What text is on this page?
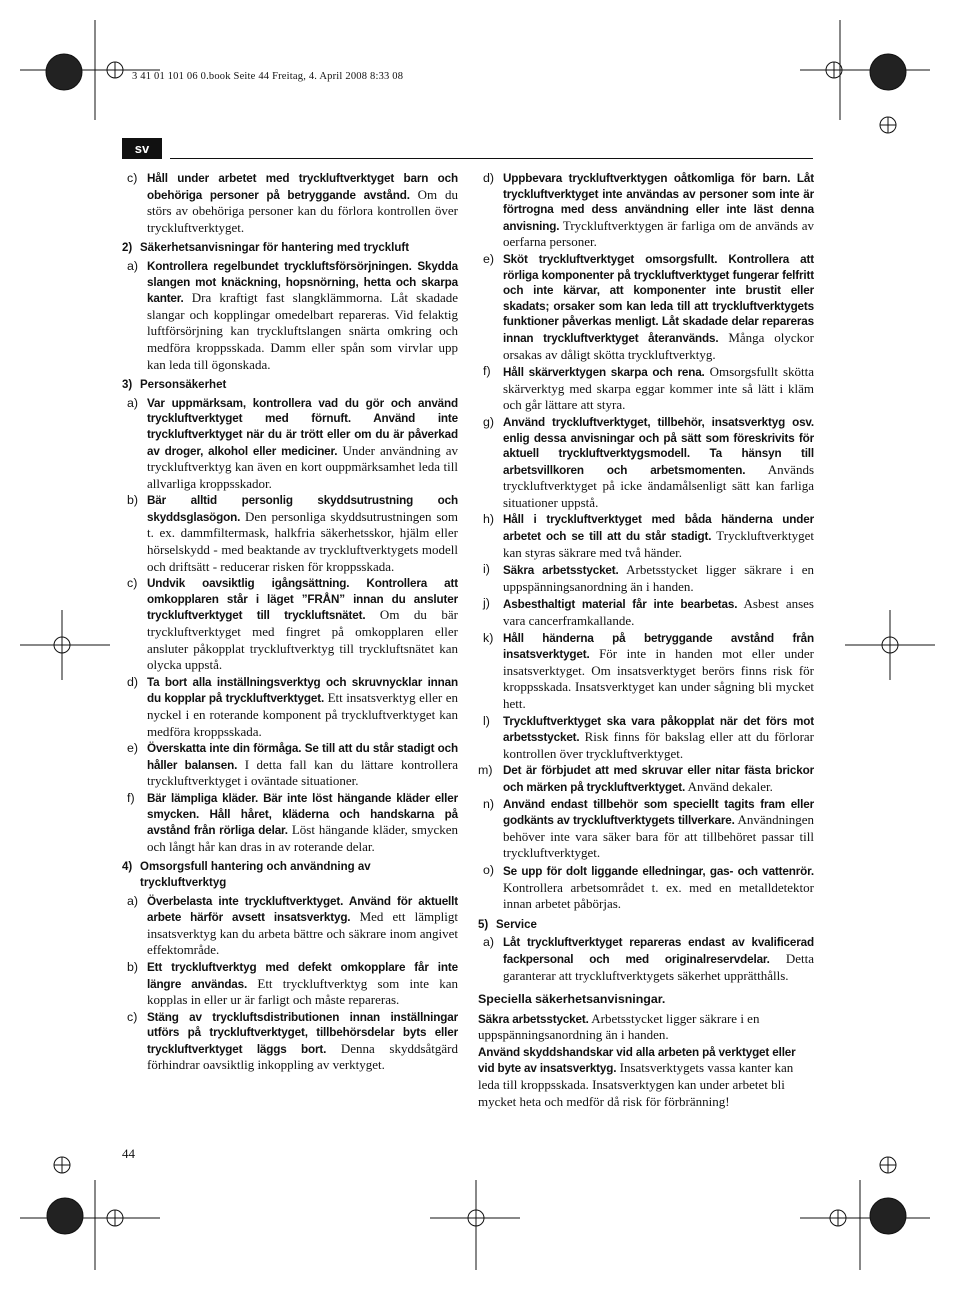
3 41 01 101 06 0.book Seite 44 Freitag, 4. April 2008 8:33 08
sv
c) Håll under arbetet med tryckluftverktyget barn och obehöriga personer på betryggande avstånd. Om du störs av obehöriga personer kan du förlora kontrollen över tryckluftverktyget.
2) Säkerhetsanvisningar för hantering med tryckluft
a) Kontrollera regelbundet tryckluftsförsörjningen. Skydda slangen mot knäckning, hopsnörning, hetta och skarpa kanter. Dra kraftigt fast slangklämmorna. Låt skadade slangar och kopplingar omedelbart repareras. Vid felaktig luftförsörjning kan tryckluftslangen snärta omkring och medföra kroppsskada. Damm eller spån som virvlar upp kan leda till ögonskada.
3) Personsäkerhet
a) Var uppmärksam, kontrollera vad du gör och använd tryckluftverktyget med förnuft. Använd inte tryckluftverktyget när du är trött eller om du är påverkad av droger, alkohol eller mediciner. Under användning av tryckluftverktyg kan även en kort ouppmärksamhet leda till allvarliga kroppsskador.
b) Bär alltid personlig skyddsutrustning och skyddsglasögon. Den personliga skyddsutrustningen som t. ex. dammfiltermask, halkfria säkerhetsskor, hjälm eller hörselskydd - med beaktande av tryckluftverktygets modell och driftsätt - reducerar risken för kroppsskada.
c) Undvik oavsiktlig igångsättning. Kontrollera att omkopplaren står i läget ”FRÅN” innan du ansluter tryckluftverktyget till tryckluftsnätet. Om du bär tryckluftverktyget med fingret på omkopplaren eller ansluter påkopplat tryckluftverktyg till tryckluftsnätet kan olycka uppstå.
d) Ta bort alla inställningsverktyg och skruvnycklar innan du kopplar på tryckluftverktyget. Ett insatsverktyg eller en nyckel i en roterande komponent på tryckluftverktyget kan medföra kroppsskada.
e) Överskatta inte din förmåga. Se till att du står stadigt och håller balansen. I detta fall kan du lättare kontrollera tryckluftverktyget i oväntade situationer.
f) Bär lämpliga kläder. Bär inte löst hängande kläder eller smycken. Håll håret, kläderna och handskarna på avstånd från rörliga delar. Löst hängande kläder, smycken och långt hår kan dras in av roterande delar.
4) Omsorgsfull hantering och användning av tryckluftverktyg
a) Överbelasta inte tryckluftverktyget. Använd för aktuellt arbete härför avsett insatsverktyg. Med ett lämpligt insatsverktyg kan du arbeta bättre och säkrare inom angivet effektområde.
b) Ett tryckluftverktyg med defekt omkopplare får inte längre användas. Ett tryckluftverktyg som inte kan kopplas in eller ur är farligt och måste repareras.
c) Stäng av tryckluftsdistributionen innan inställningar utförs på tryckluftverktyget, tillbehörsdelar byts eller tryckluftverktyget läggs bort. Denna skyddsåtgärd förhindrar oavsiktlig inkoppling av verktyget.
d) Uppbevara tryckluftverktygen oåtkomliga för barn. Låt tryckluftverktyget inte användas av personer som inte är förtrogna med dess användning eller inte läst denna anvisning. Tryckluftverktygen är farliga om de används av oerfarna personer.
e) Sköt tryckluftverktyget omsorgsfullt. Kontrollera att rörliga komponenter på tryckluftverktyget fungerar felfritt och inte kärvar, att komponenter inte brustit eller skadats; orsaker som kan leda till att tryckluftverktygets funktioner påverkas menligt. Låt skadade delar repareras innan tryckluftverktyget återanvänds. Många olyckor orsakas av dåligt skötta tryckluftverktyg.
f) Håll skärverktygen skarpa och rena. Omsorgsfullt skötta skärverktyg med skarpa eggar kommer inte så lätt i kläm och går lättare att styra.
g) Använd tryckluftverktyget, tillbehör, insatsverktyg osv. enlig dessa anvisningar och på sätt som föreskrivits för aktuell tryckluftverktygsmodell. Ta hänsyn till arbetsvillkoren och arbetsmomenten. Används tryckluftverktyget på icke ändamålsenligt sätt kan farliga situationer uppstå.
h) Håll i tryckluftverktyget med båda händerna under arbetet och se till att du står stadigt. Tryckluftverktyget kan styras säkrare med två händer.
i) Säkra arbetsstycket. Arbetsstycket ligger säkrare i en uppspänningsanordning än i handen.
j) Asbesthaltigt material får inte bearbetas. Asbest anses vara cancerframkallande.
k) Håll händerna på betryggande avstånd från insatsverktyget. För inte in handen mot eller under insatsverktyget. Om insatsverktyget berörs finns risk för kroppsskada. Insatsverktyget kan under sågning bli mycket hett.
l) Tryckluftverktyget ska vara påkopplat när det förs mot arbetsstycket. Risk finns för bakslag eller att du förlorar kontrollen över tryckluftverktyget.
m) Det är förbjudet att med skruvar eller nitar fästa brickor och märken på tryckluftverktyget. Använd dekaler.
n) Använd endast tillbehör som speciellt tagits fram eller godkänts av tryckluftverktygets tillverkare. Användningen behöver inte vara säker bara för att tillbehöret passar till tryckluftverktyget.
o) Se upp för dolt liggande elledningar, gas- och vattenrör. Kontrollera arbetsområdet t. ex. med en metalldetektor innan arbetet påbörjas.
5) Service
a) Låt tryckluftverktyget repareras endast av kvalificerad fackpersonal och med originalreservdelar. Detta garanterar att tryckluftverktygets säkerhet upprätthålls.
Speciella säkerhetsanvisningar.
Säkra arbetsstycket. Arbetsstycket ligger säkrare i en uppspänningsanordning än i handen.
Använd skyddshandskar vid alla arbeten på verktyget eller vid byte av insatsverktyg. Insatsverktygets vassa kanter kan leda till kroppsskada. Insatsverktygen kan under arbetet bli mycket heta och medför då risk för förbränning!
44
